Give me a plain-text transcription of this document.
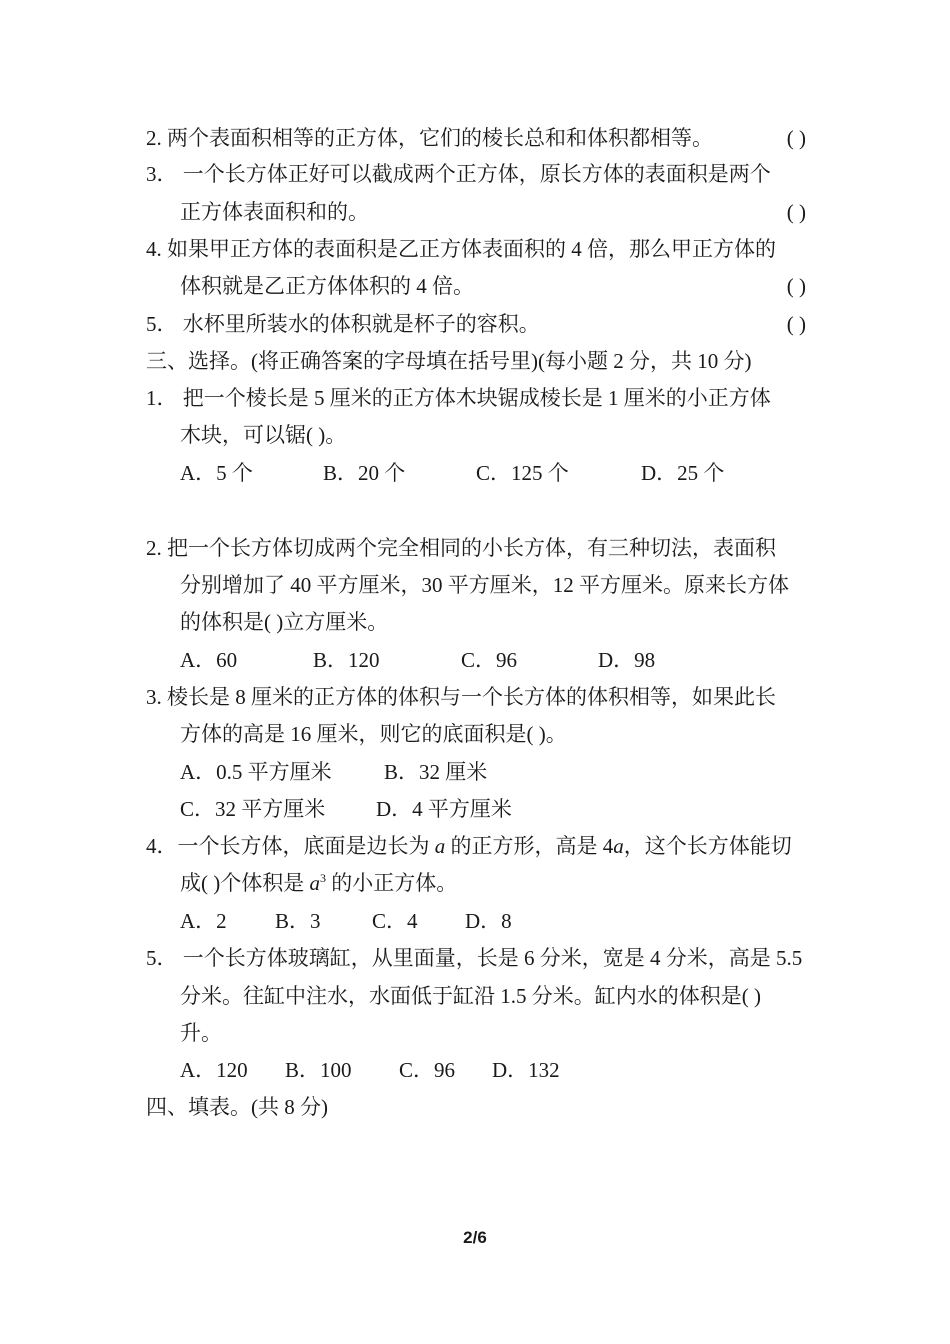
2. 两个表面积相等的正方体，它们的棱长总和和体积都相等。	( )
3． 一个长方体正好可以截成两个正方体，原长方体的表面积是两个
正方体表面积和的。	( )
4. 如果甲正方体的表面积是乙正方体表面积的 4 倍，那么甲正方体的
体积就是乙正方体体积的 4 倍。	( )
5． 水杯里所装水的体积就是杯子的容积。	( )
三、选择。(将正确答案的字母填在括号里)(每小题 2 分，共 10 分)
1． 把一个棱长是 5 厘米的正方体木块锯成棱长是 1 厘米的小正方体
木块，可以锯( )。
A．5 个	B．20 个	C．125 个	D．25 个
2. 把一个长方体切成两个完全相同的小长方体，有三种切法，表面积
分别增加了 40 平方厘米，30 平方厘米，12 平方厘米。原来长方体
的体积是( )立方厘米。
A．60	B．120	C．96	D．98
3. 棱长是 8 厘米的正方体的体积与一个长方体的体积相等，如果此长
方体的高是 16 厘米，则它的底面积是( )。
A．0.5 平方厘米 B．32 厘米
C．32 平方厘米 D．4 平方厘米
4．一个长方体，底面是边长为 a 的正方形，高是 4a，这个长方体能切
成( )个体积是 $a^3$ 的小正方体。
A．2 B．3 C．4 D．8
5． 一个长方体玻璃缸，从里面量，长是 6 分米，宽是 4 分米，高是 5.5
分米。往缸中注水，水面低于缸沿 1.5 分米。缸内水的体积是( )
升。
A．120 B．100 C．96 D．132
四、填表。(共 8 分)
2/6
